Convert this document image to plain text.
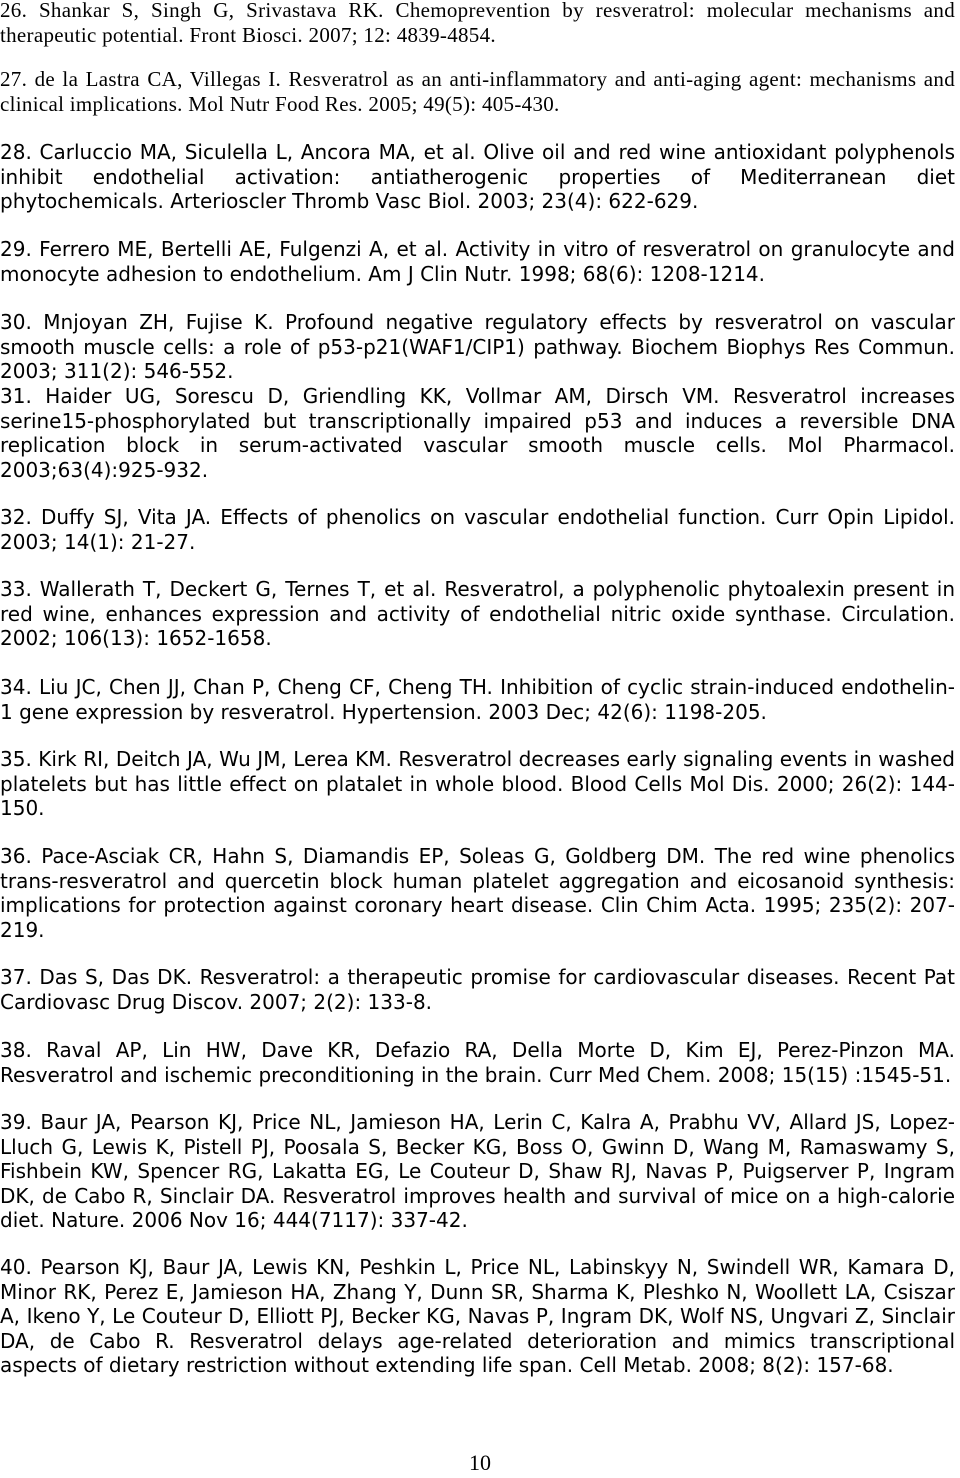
26. Shankar S, Singh G, Srivastava RK. Chemoprevention by resveratrol: molecular mechanisms and therapeutic potential. Front Biosci. 2007; 12: 4839-4854.

27. de la Lastra CA, Villegas I. Resveratrol as an anti-inflammatory and anti-aging agent: mechanisms and clinical implications. Mol Nutr Food Res. 2005; 49(5): 405-430.

28. Carluccio MA, Siculella L, Ancora MA, et al. Olive oil and red wine antioxidant polyphenols inhibit endothelial activation: antiatherogenic properties of Mediterranean diet phytochemicals. Arterioscler Thromb Vasc Biol. 2003; 23(4): 622-629.

29. Ferrero ME, Bertelli AE, Fulgenzi A, et al. Activity in vitro of resveratrol on granulocyte and monocyte adhesion to endothelium. Am J Clin Nutr. 1998; 68(6): 1208-1214.

30. Mnjoyan ZH, Fujise K. Profound negative regulatory effects by resveratrol on vascular smooth muscle cells: a role of p53-p21(WAF1/CIP1) pathway. Biochem Biophys Res Commun. 2003; 311(2): 546-552.

31. Haider UG, Sorescu D, Griendling KK, Vollmar AM, Dirsch VM. Resveratrol increases serine15-phosphorylated but transcriptionally impaired p53 and induces a reversible DNA replication block in serum-activated vascular smooth muscle cells. Mol Pharmacol. 2003;63(4):925-932.

32. Duffy SJ, Vita JA. Effects of phenolics on vascular endothelial function. Curr Opin Lipidol. 2003; 14(1): 21-27.

33. Wallerath T, Deckert G, Ternes T, et al. Resveratrol, a polyphenolic phytoalexin present in red wine, enhances expression and activity of endothelial nitric oxide synthase. Circulation. 2002; 106(13): 1652-1658.

34. Liu JC, Chen JJ, Chan P, Cheng CF, Cheng TH. Inhibition of cyclic strain-induced endothelin-1 gene expression by resveratrol. Hypertension. 2003 Dec; 42(6): 1198-205.

35. Kirk RI, Deitch JA, Wu JM, Lerea KM. Resveratrol decreases early signaling events in washed platelets but has little effect on platalet in whole blood. Blood Cells Mol Dis. 2000; 26(2): 144-150.

36. Pace-Asciak CR, Hahn S, Diamandis EP, Soleas G, Goldberg DM. The red wine phenolics trans-resveratrol and quercetin block human platelet aggregation and eicosanoid synthesis: implications for protection against coronary heart disease. Clin Chim Acta. 1995; 235(2): 207-219.

37. Das S, Das DK. Resveratrol: a therapeutic promise for cardiovascular diseases. Recent Pat Cardiovasc Drug Discov. 2007; 2(2): 133-8.

38. Raval AP, Lin HW, Dave KR, Defazio RA, Della Morte D, Kim EJ, Perez-Pinzon MA. Resveratrol and ischemic preconditioning in the brain. Curr Med Chem. 2008; 15(15) :1545-51.

39. Baur JA, Pearson KJ, Price NL, Jamieson HA, Lerin C, Kalra A, Prabhu VV, Allard JS, Lopez-Lluch G, Lewis K, Pistell PJ, Poosala S, Becker KG, Boss O, Gwinn D, Wang M, Ramaswamy S, Fishbein KW, Spencer RG, Lakatta EG, Le Couteur D, Shaw RJ, Navas P, Puigserver P, Ingram DK, de Cabo R, Sinclair DA. Resveratrol improves health and survival of mice on a high-calorie diet. Nature. 2006 Nov 16; 444(7117): 337-42.

40. Pearson KJ, Baur JA, Lewis KN, Peshkin L, Price NL, Labinskyy N, Swindell WR, Kamara D, Minor RK, Perez E, Jamieson HA, Zhang Y, Dunn SR, Sharma K, Pleshko N, Woollett LA, Csiszar A, Ikeno Y, Le Couteur D, Elliott PJ, Becker KG, Navas P, Ingram DK, Wolf NS, Ungvari Z, Sinclair DA, de Cabo R. Resveratrol delays age-related deterioration and mimics transcriptional aspects of dietary restriction without extending life span. Cell Metab. 2008; 8(2): 157-68.

10
